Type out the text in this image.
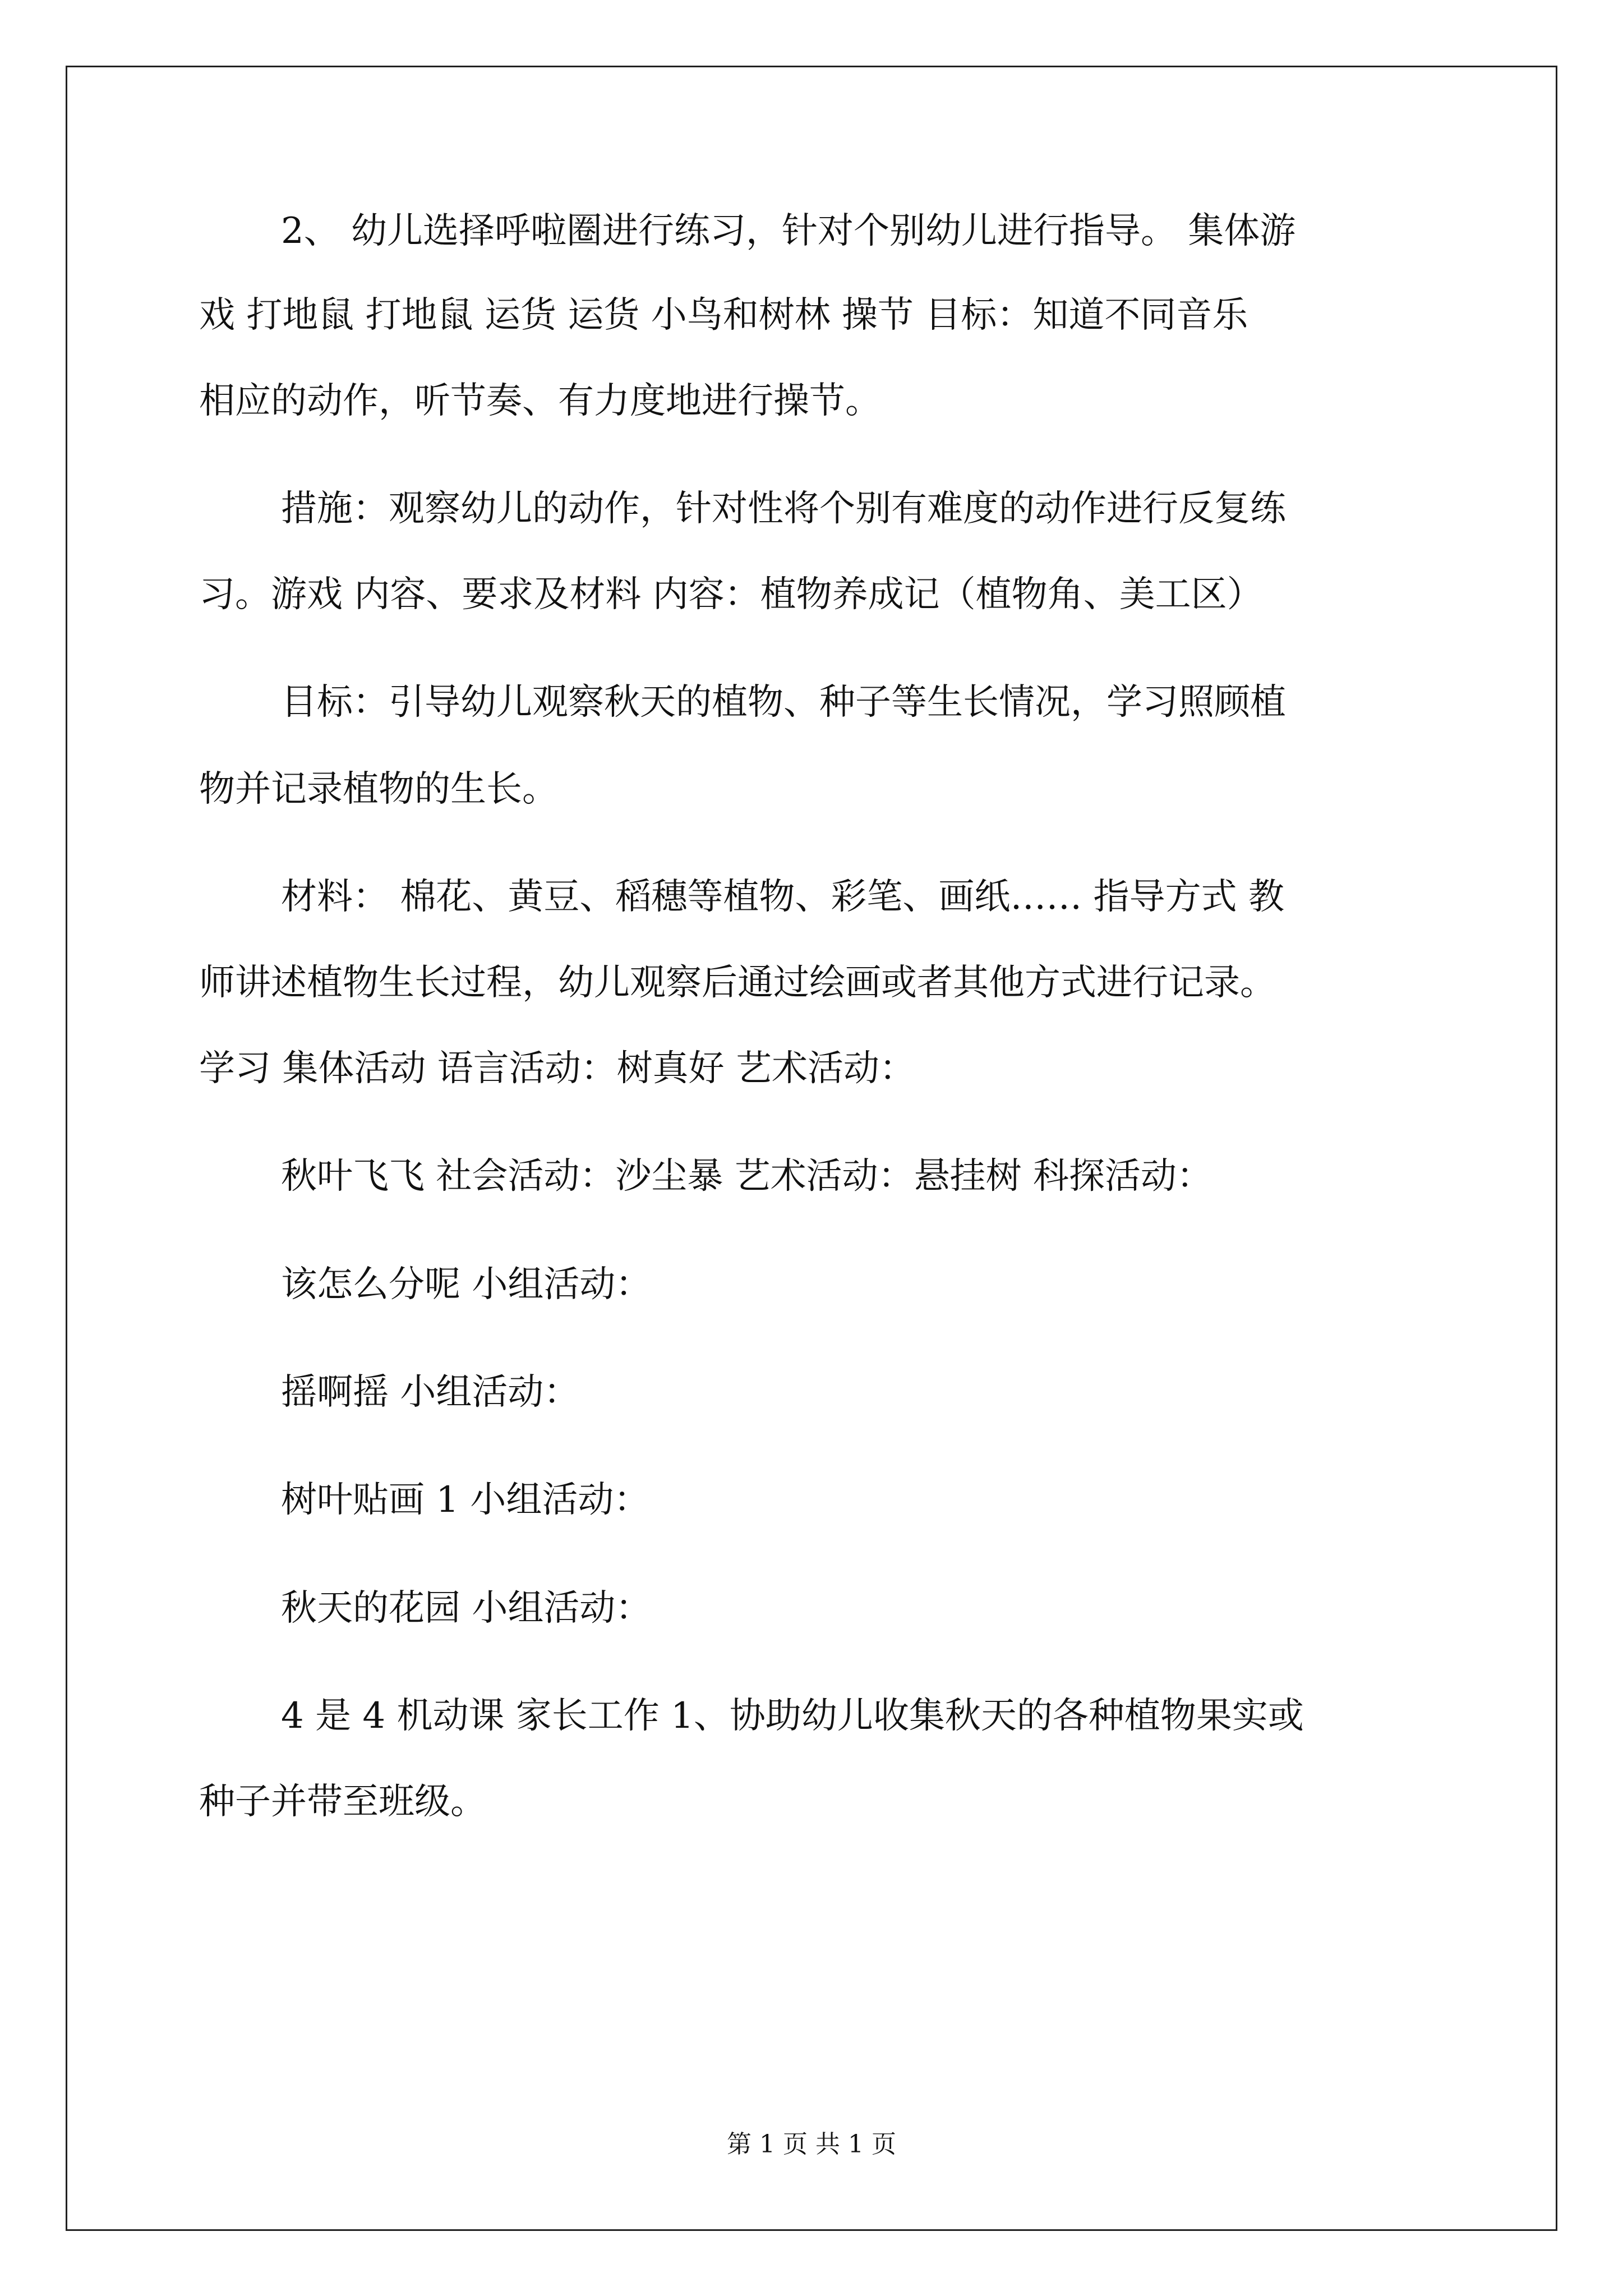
2、 幼儿选择呼啦圈进行练习，针对个别幼儿进行指导。 集体游
戏 打地鼠 打地鼠 运货 运货 小鸟和树林 操节 目标：知道不同音乐
相应的动作，听节奏、有力度地进行操节。
措施：观察幼儿的动作，针对性将个别有难度的动作进行反复练
习。游戏 内容、要求及材料 内容：植物养成记（植物角、美工区）
目标：引导幼儿观察秋天的植物、种子等生长情况，学习照顾植
物并记录植物的生长。
材料： 棉花、黄豆、稻穗等植物、彩笔、画纸…… 指导方式 教
师讲述植物生长过程，幼儿观察后通过绘画或者其他方式进行记录。
学习 集体活动 语言活动：树真好 艺术活动：
秋叶飞飞 社会活动：沙尘暴 艺术活动：悬挂树 科探活动：
该怎么分呢 小组活动：
摇啊摇 小组活动：
树叶贴画 1 小组活动：
秋天的花园 小组活动：
4 是 4 机动课 家长工作 1、协助幼儿收集秋天的各种植物果实或
种子并带至班级。
第 1 页 共 1 页
